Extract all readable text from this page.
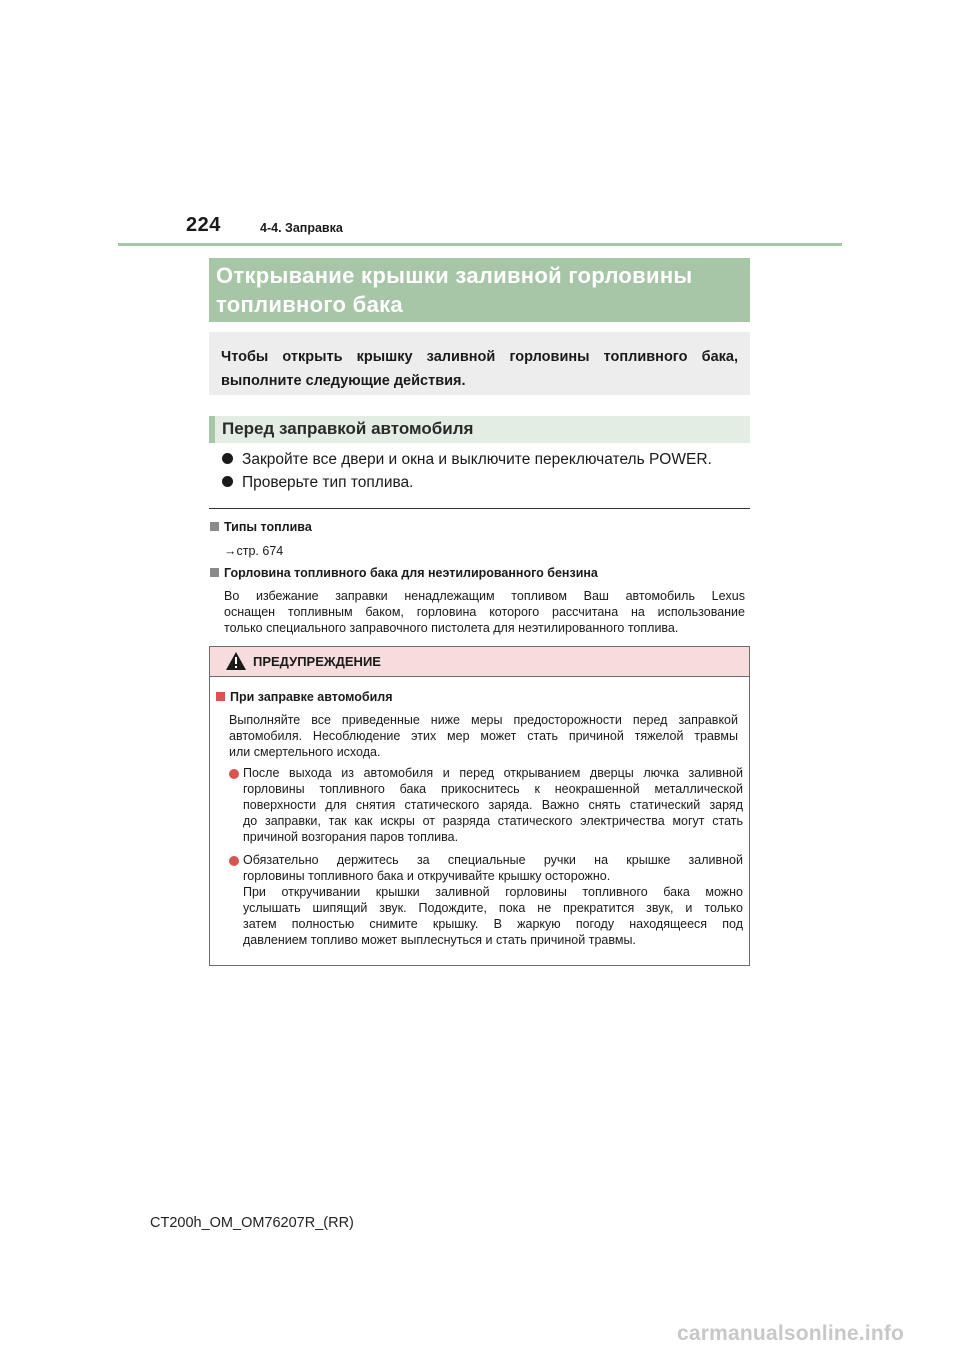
224	4-4. Заправка
Открывание крышки заливной горловины
топливного бака
Чтобы открыть крышку заливной горловины топливного бака,
выполните следующие действия.
Перед заправкой автомобиля
Закройте все двери и окна и выключите переключатель POWER.
Проверьте тип топлива.
Типы топлива
→стр. 674
Горловина топливного бака для неэтилированного бензина
Во избежание заправки ненадлежащим топливом Ваш автомобиль Lexus
оснащен топливным баком, горловина которого рассчитана на использование
только специального заправочного пистолета для неэтилированного топлива.
ПРЕДУПРЕЖДЕНИЕ
При заправке автомобиля
Выполняйте все приведенные ниже меры предосторожности перед заправкой
автомобиля. Несоблюдение этих мер может стать причиной тяжелой травмы
или смертельного исхода.
После выхода из автомобиля и перед открыванием дверцы лючка заливной
горловины топливного бака прикоснитесь к неокрашенной металлической
поверхности для снятия статического заряда. Важно снять статический заряд
до заправки, так как искры от разряда статического электричества могут стать
причиной возгорания паров топлива.
Обязательно держитесь за специальные ручки на крышке заливной
горловины топливного бака и откручивайте крышку осторожно.
При откручивании крышки заливной горловины топливного бака можно
услышать шипящий звук. Подождите, пока не прекратится звук, и только
затем полностью снимите крышку. В жаркую погоду находящееся под
давлением топливо может выплеснуться и стать причиной травмы.
CT200h_OM_OM76207R_(RR)
carmanualsonline.info
